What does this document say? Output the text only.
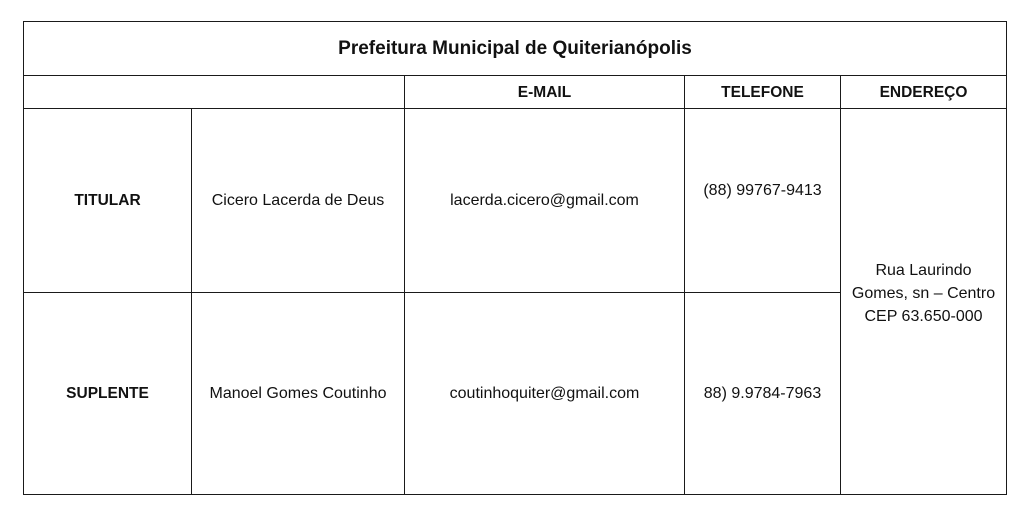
Prefeitura Municipal de Quiterianópolis				
		E-MAIL	TELEFONE	ENDEREÇO
TITULAR	Cicero Lacerda de Deus	lacerda.cicero@gmail.com	(88) 99767-9413	Rua Laurindo
Gomes, sn – Centro
CEP 63.650-000

SUPLENTE	Manoel Gomes Coutinho	coutinhoquiter@gmail.com	88) 9.9784-7963	
